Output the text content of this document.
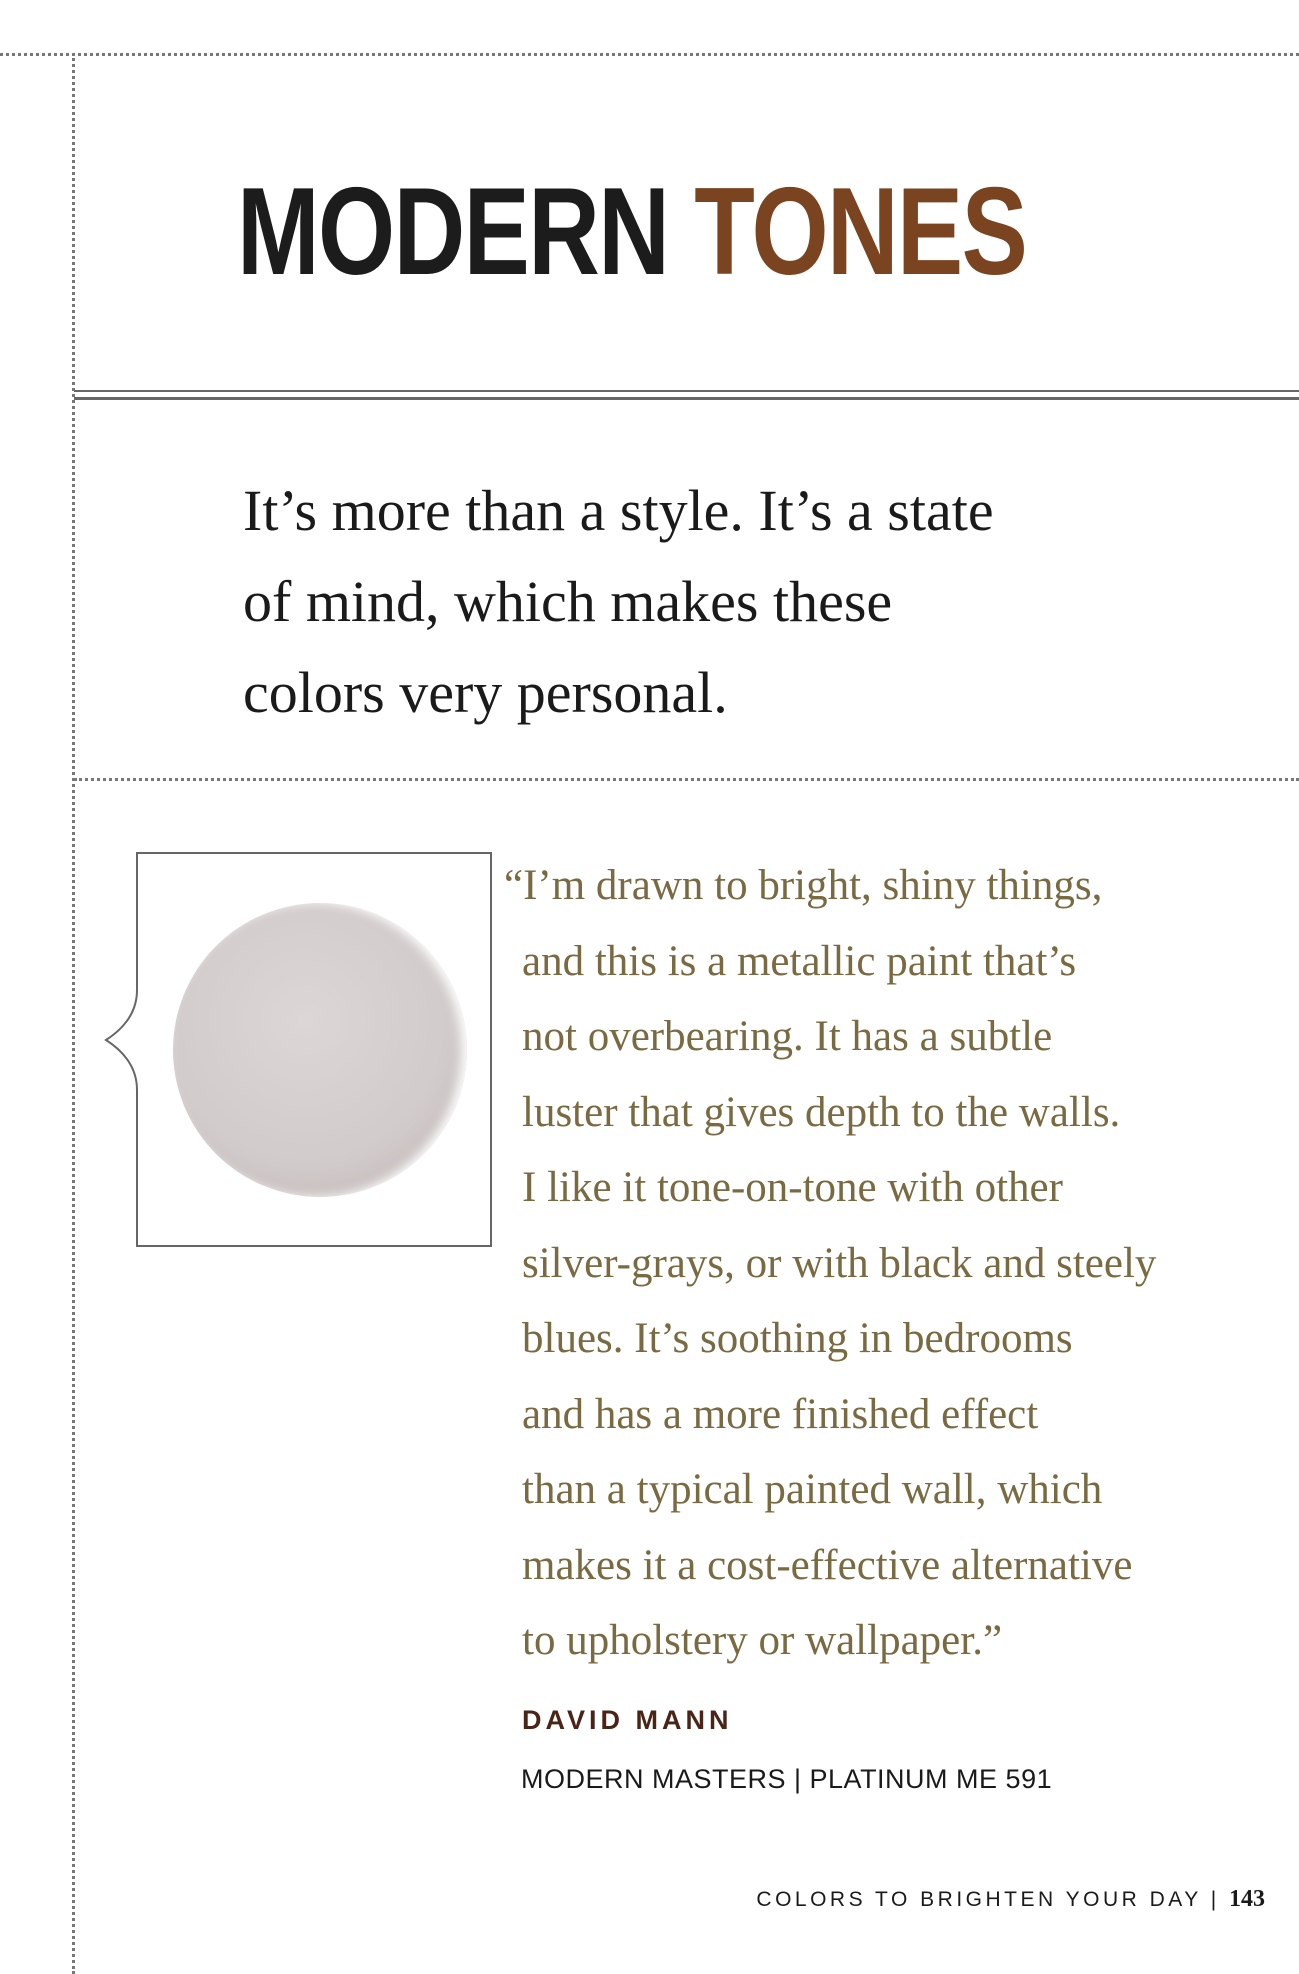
MODERN TONES
It’s more than a style. It’s a state
of mind, which makes these
colors very personal.
“I’m drawn to bright, shiny things,
and this is a metallic paint that’s
not overbearing. It has a subtle
luster that gives depth to the walls.
I like it tone-on-tone with other
silver-grays, or with black and steely
blues. It’s soothing in bedrooms
and has a more finished effect
than a typical painted wall, which
makes it a cost-effective alternative
to upholstery or wallpaper.”
DAVID MANN
MODERN MASTERS | PLATINUM ME 591
COLORS TO BRIGHTEN YOUR DAY | 143
